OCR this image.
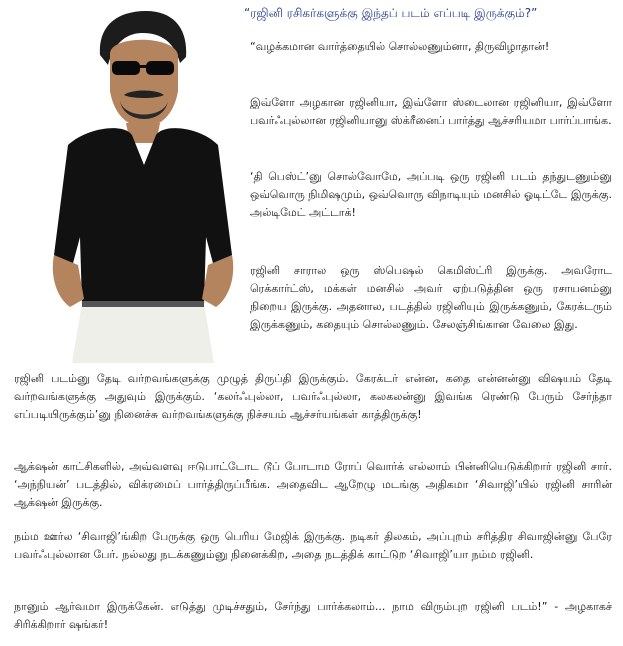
“ரஜினி ரசிகர்களுக்கு இந்தப் படம் எப்படி இருக்கும்?”

“வழக்கமான வார்த்தையில் சொல்லணும்னா, திருவிழாதான்!

இவ்ளோ அழகான ரஜினியா, இவ்ளோ ஸ்டைலான ரஜினியா, இவ்ளோ பவர்ஃபுல்லான ரஜினியானு ஸ்க்ரீனைப் பார்த்து ஆச்சரியமா பார்ப்பாங்க.

‘தி பெஸ்ட்’னு சொல்வோமே, அப்படி ஒரு ரஜினி படம் தந்துடணும்னு ஒவ்வொரு நிமிஷமும், ஒவ்வொரு விநாடியும் மனசில் ஓடிட்டே இருக்கு. அல்டிமேட் அட்டாக்!

ரஜினி சாரால ஒரு ஸ்பெஷல் கெமிஸ்ட்ரி இருக்கு. அவரோட ரெக்கார்ட்ஸ், மக்கள் மனசில் அவர் ஏற்படுத்தின ஒரு ரசாயனம்னு நிறைய இருக்கு. அதனால, படத்தில் ரஜினியும் இருக்கணும், கேரக்டரும் இருக்கணும், கதையும் சொல்லணும். சேலஞ்சிங்கான வேலை இது.

ரஜினி படம்னு தேடி வர்றவங்களுக்கு முழுத் திருப்தி இருக்கும். கேரக்டர் என்ன, கதை என்னன்னு விஷயம் தேடி வர்றவங்களுக்கு அதுவும் இருக்கும். ‘கலர்ஃபுல்லா, பவர்ஃபுல்லா, கலகலன்னு இவங்க ரெண்டு பேரும் சேர்ந்தா எப்படியிருக்கும்’னு நினைச்சு வர்றவங்களுக்கு நிச்சயம் ஆச்சர்யங்கள் காத்திருக்கு!

ஆக்‌ஷன் காட்சிகளில், அவ்வளவு ஈடுபாட்டோட டூப் போடாம ரோப் வொர்க் எல்லாம் பின்னியெடுக்கிறார் ரஜினி சார். ‘அந்நியன்’ படத்தில், விக்ரமைப் பார்த்திருப்பீங்க. அதைவிட ஆறேழு மடங்கு அதிகமா ‘சிவாஜி’யில் ரஜினி சாரின் ஆக்‌ஷன் இருக்கு.

நம்ம ஊர்ல ‘சிவாஜி’ங்கிற பேருக்கு ஒரு பெரிய மேஜிக் இருக்கு. நடிகர் திலகம், அப்புறம் சரித்திர சிவாஜின்னு பேரே பவர்ஃபுல்லான பேர். நல்லது நடக்கணும்னு நினைக்கிற, அதை நடத்திக் காட்டுற ‘சிவாஜி’யா நம்ம ரஜினி.

நானும் ஆர்வமா இருக்கேன். எடுத்து முடிச்சதும், சேர்ந்து பார்க்கலாம்... நாம விரும்புற ரஜினி படம்!” - அழகாகச் சிரிக்கிறார் ஷங்கர்!
